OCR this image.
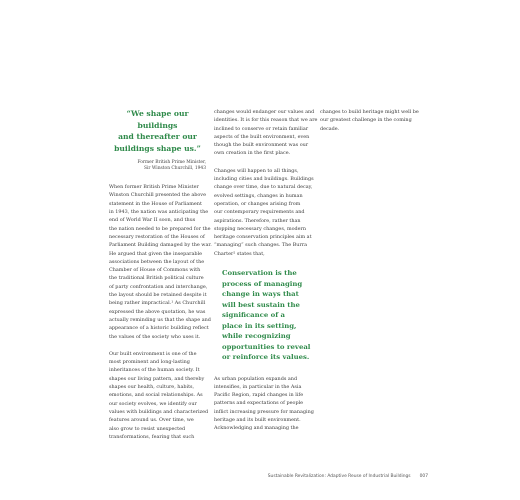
“We shape our buildings
and thereafter our
buildings shape us.”
Former British Prime Minister,
Sir Winston Churchill, 1943

When former British Prime Minister
Winston Churchill presented the above
statement in the House of Parliament
in 1943, the nation was anticipating the
end of World War II soon, and thus
the nation needed to be prepared for the
necessary restoration of the Houses of
Parliament Building damaged by the war.
He argued that given the inseparable
associations between the layout of the
Chamber of House of Commons with
the traditional British political culture
of party confrontation and interchange,
the layout should be retained despite it
being rather impractical.¹ As Churchill
expressed the above quotation, he was
actually reminding us that the shape and
appearance of a historic building reflect
the values of the society who uses it.

Our built environment is one of the
most prominent and long-lasting
inheritances of the human society. It
shapes our living pattern, and thereby
shapes our health, culture, habits,
emotions, and social relationships. As
our society evolves, we identify our
values with buildings and characterized
features around us. Over time, we
also grow to resist unexpected
transformations, fearing that such

changes would endanger our values and
identities. It is for this reason that we are
inclined to conserve or retain familiar
aspects of the built environment, even
though the built environment was our
own creation in the first place.

Changes will happen to all things,
including cities and buildings. Buildings
change over time, due to natural decay,
evolved settings, changes in human
operation, or changes arising from
our contemporary requirements and
aspirations. Therefore, rather than
stopping necessary changes, modern
heritage conservation principles aim at
“managing” such changes. The Burra
Charter² states that,

Conservation is the
process of managing
change in ways that
will best sustain the
significance of a
place in its setting,
while recognizing
opportunities to reveal
or reinforce its values.

As urban population expands and
intensifies, in particular in the Asia
Pacific Region, rapid changes in life
patterns and expectations of people
inflict increasing pressure for managing
heritage and its built environment.
Acknowledging and managing the

changes to build heritage might well be
our greatest challenge in the coming
decade.

Sustainable Revitalization: Adaptive Reuse of Industrial Buildings 007
